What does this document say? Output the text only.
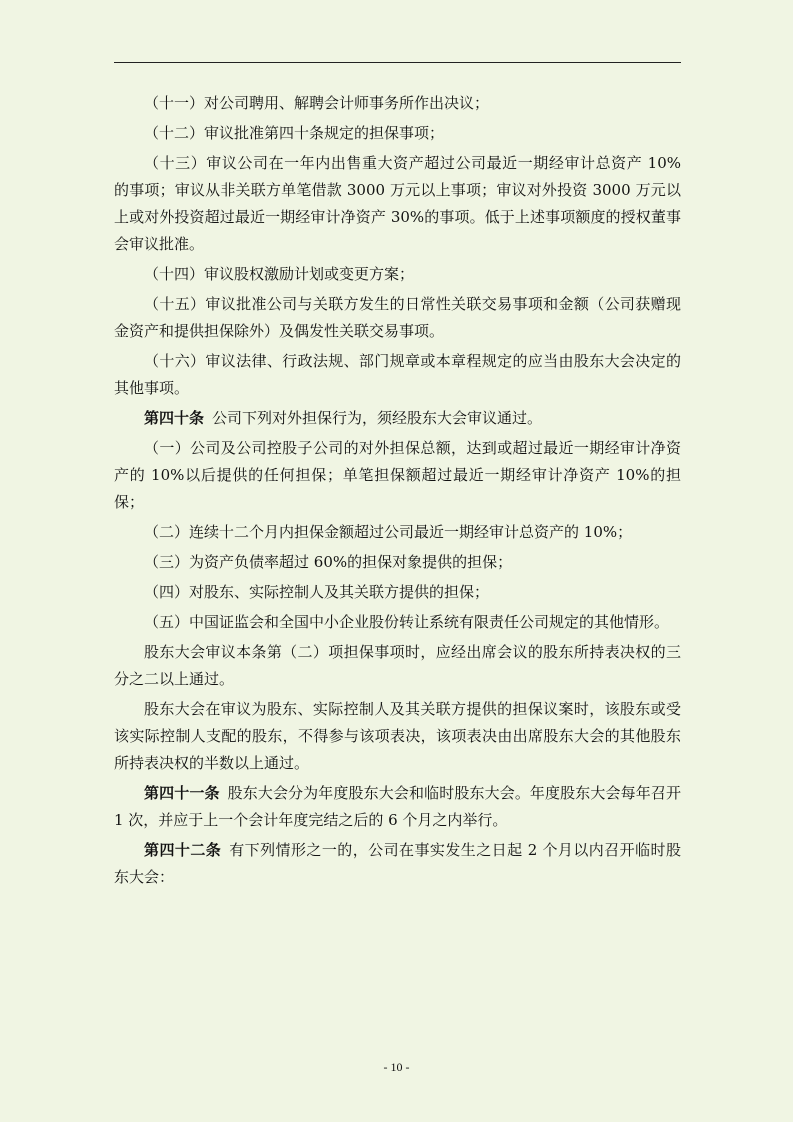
（十一）对公司聘用、解聘会计师事务所作出决议；

（十二）审议批准第四十条规定的担保事项；

（十三）审议公司在一年内出售重大资产超过公司最近一期经审计总资产 10% 的事项；审议从非关联方单笔借款 3000 万元以上事项；审议对外投资 3000 万元以上或对外投资超过最近一期经审计净资产 30%的事项。低于上述事项额度的授权董事会审议批准。

（十四）审议股权激励计划或变更方案；

（十五）审议批准公司与关联方发生的日常性关联交易事项和金额（公司获赠现金资产和提供担保除外）及偶发性关联交易事项。

（十六）审议法律、行政法规、部门规章或本章程规定的应当由股东大会决定的其他事项。

第四十条 公司下列对外担保行为，须经股东大会审议通过。

（一）公司及公司控股子公司的对外担保总额，达到或超过最近一期经审计净资产的 10%以后提供的任何担保；单笔担保额超过最近一期经审计净资产 10%的担保；

（二）连续十二个月内担保金额超过公司最近一期经审计总资产的 10%；

（三）为资产负债率超过 60%的担保对象提供的担保；

（四）对股东、实际控制人及其关联方提供的担保；

（五）中国证监会和全国中小企业股份转让系统有限责任公司规定的其他情形。

股东大会审议本条第（二）项担保事项时，应经出席会议的股东所持表决权的三分之二以上通过。

股东大会在审议为股东、实际控制人及其关联方提供的担保议案时，该股东或受该实际控制人支配的股东，不得参与该项表决，该项表决由出席股东大会的其他股东所持表决权的半数以上通过。

第四十一条 股东大会分为年度股东大会和临时股东大会。年度股东大会每年召开 1 次，并应于上一个会计年度完结之后的 6 个月之内举行。

第四十二条 有下列情形之一的，公司在事实发生之日起 2 个月以内召开临时股东大会：

- 10 -
